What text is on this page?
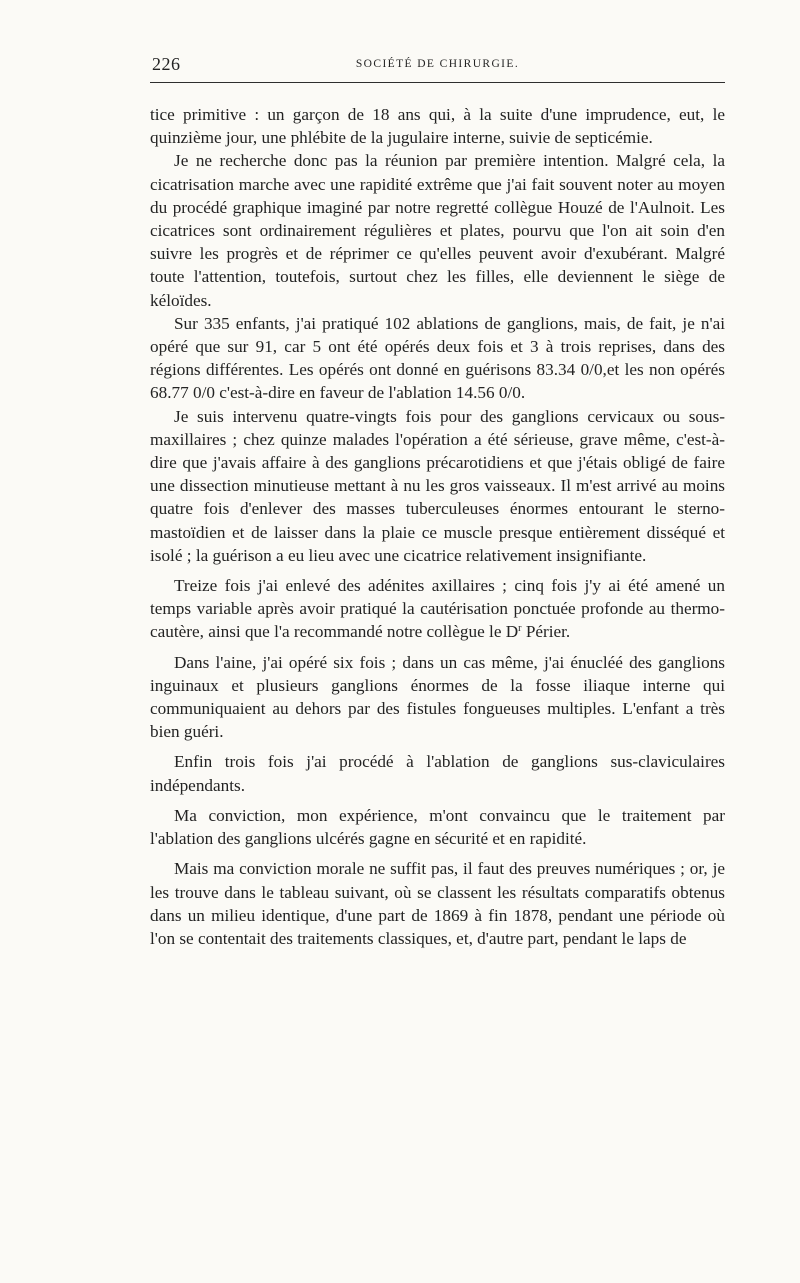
226	SOCIÉTÉ DE CHIRURGIE.

tice primitive : un garçon de 18 ans qui, à la suite d'une imprudence, eut, le quinzième jour, une phlébite de la jugulaire interne, suivie de septicémie.

Je ne recherche donc pas la réunion par première intention. Malgré cela, la cicatrisation marche avec une rapidité extrême que j'ai fait souvent noter au moyen du procédé graphique imaginé par notre regretté collègue Houzé de l'Aulnoit. Les cicatrices sont ordinairement régulières et plates, pourvu que l'on ait soin d'en suivre les progrès et de réprimer ce qu'elles peuvent avoir d'exubérant. Malgré toute l'attention, toutefois, surtout chez les filles, elle deviennent le siège de kéloïdes.

Sur 335 enfants, j'ai pratiqué 102 ablations de ganglions, mais, de fait, je n'ai opéré que sur 91, car 5 ont été opérés deux fois et 3 à trois reprises, dans des régions différentes. Les opérés ont donné en guérisons 83.34 0/0,et les non opérés 68.77 0/0 c'est-à-dire en faveur de l'ablation 14.56 0/0.

Je suis intervenu quatre-vingts fois pour des ganglions cervicaux ou sous-maxillaires ; chez quinze malades l'opération a été sérieuse, grave même, c'est-à-dire que j'avais affaire à des ganglions précarotidiens et que j'étais obligé de faire une dissection minutieuse mettant à nu les gros vaisseaux. Il m'est arrivé au moins quatre fois d'enlever des masses tuberculeuses énormes entourant le sterno-mastoïdien et de laisser dans la plaie ce muscle presque entièrement disséqué et isolé ; la guérison a eu lieu avec une cicatrice relativement insignifiante.

Treize fois j'ai enlevé des adénites axillaires ; cinq fois j'y ai été amené un temps variable après avoir pratiqué la cautérisation ponctuée profonde au thermo-cautère, ainsi que l'a recommandé notre collègue le $D^r$ Périer.

Dans l'aine, j'ai opéré six fois ; dans un cas même, j'ai énucléé des ganglions inguinaux et plusieurs ganglions énormes de la fosse iliaque interne qui communiquaient au dehors par des fistules fongueuses multiples. L'enfant a très bien guéri.

Enfin trois fois j'ai procédé à l'ablation de ganglions sus-claviculaires indépendants.

Ma conviction, mon expérience, m'ont convaincu que le traitement par l'ablation des ganglions ulcérés gagne en sécurité et en rapidité.

Mais ma conviction morale ne suffit pas, il faut des preuves numériques ; or, je les trouve dans le tableau suivant, où se classent les résultats comparatifs obtenus dans un milieu identique, d'une part de 1869 à fin 1878, pendant une période où l'on se contentait des traitements classiques, et, d'autre part, pendant le laps de
